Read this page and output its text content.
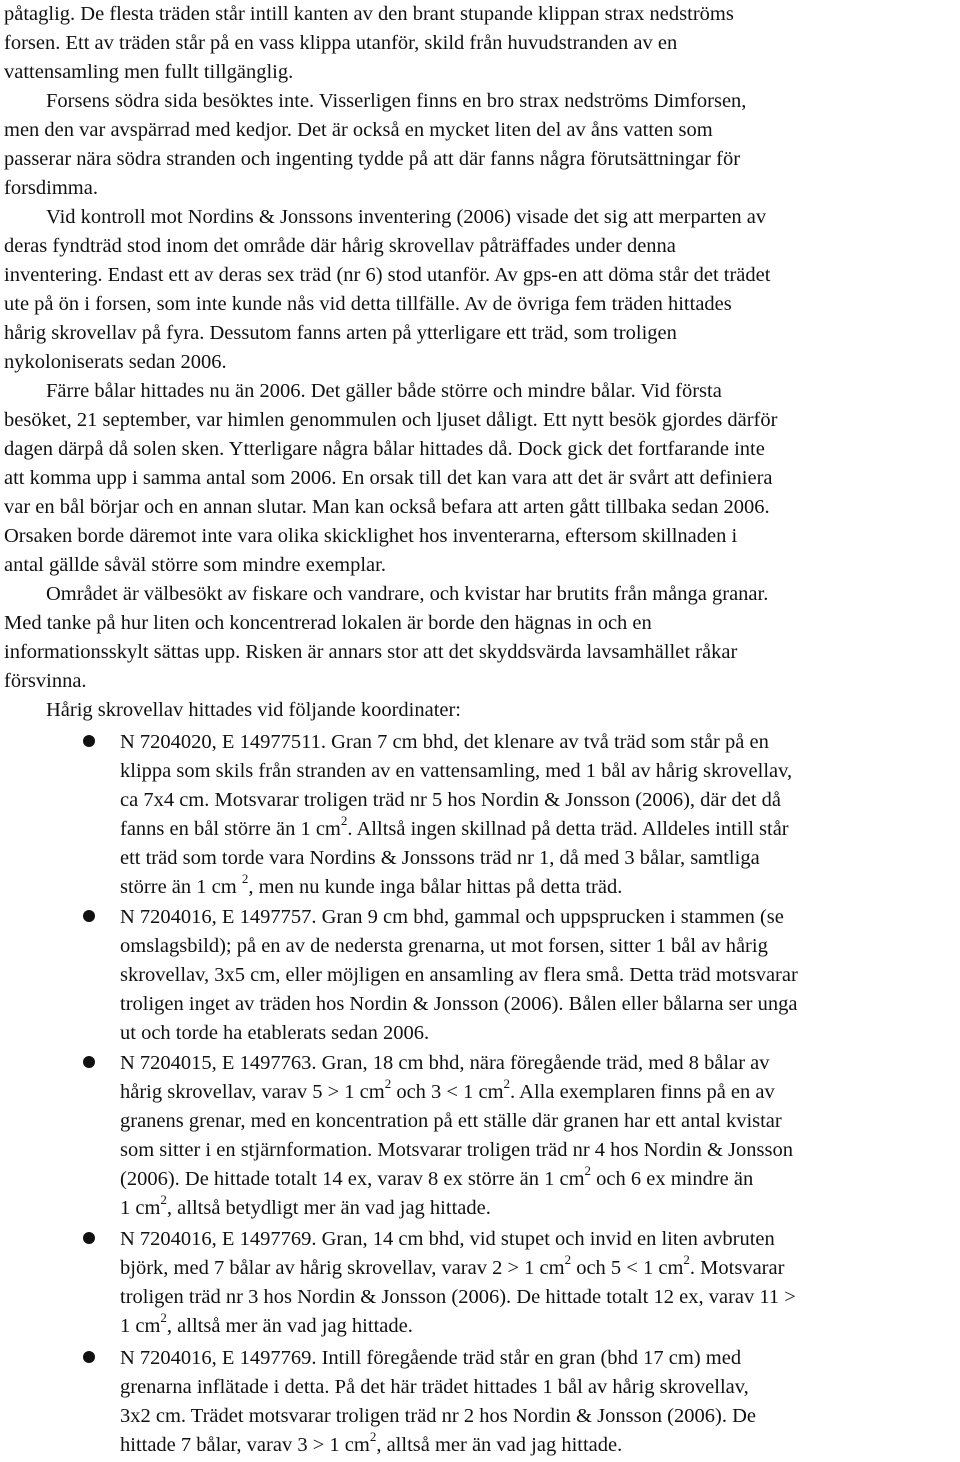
påtaglig. De flesta träden står intill kanten av den brant stupande klippan strax nedströms
forsen. Ett av träden står på en vass klippa utanför, skild från huvudstranden av en
vattensamling men fullt tillgänglig.
Forsens södra sida besöktes inte. Visserligen finns en bro strax nedströms Dimforsen,
men den var avspärrad med kedjor. Det är också en mycket liten del av åns vatten som
passerar nära södra stranden och ingenting tydde på att där fanns några förutsättningar för
forsdimma.
Vid kontroll mot Nordins & Jonssons inventering (2006) visade det sig att merparten av
deras fyndträd stod inom det område där hårig skrovellav påträffades under denna
inventering. Endast ett av deras sex träd (nr 6) stod utanför. Av gps-en att döma står det trädet
ute på ön i forsen, som inte kunde nås vid detta tillfälle. Av de övriga fem träden hittades
hårig skrovellav på fyra. Dessutom fanns arten på ytterligare ett träd, som troligen
nykoloniserats sedan 2006.
Färre bålar hittades nu än 2006. Det gäller både större och mindre bålar. Vid första
besöket, 21 september, var himlen genommulen och ljuset dåligt. Ett nytt besök gjordes därför
dagen därpå då solen sken. Ytterligare några bålar hittades då. Dock gick det fortfarande inte
att komma upp i samma antal som 2006. En orsak till det kan vara att det är svårt att definiera
var en bål börjar och en annan slutar. Man kan också befara att arten gått tillbaka sedan 2006.
Orsaken borde däremot inte vara olika skicklighet hos inventerarna, eftersom skillnaden i
antal gällde såväl större som mindre exemplar.
Området är välbesökt av fiskare och vandrare, och kvistar har brutits från många granar.
Med tanke på hur liten och koncentrerad lokalen är borde den hägnas in och en
informationsskylt sättas upp. Risken är annars stor att det skyddsvärda lavsamhället råkar
försvinna.
Hårig skrovellav hittades vid följande koordinater:
N 7204020, E 14977511. Gran 7 cm bhd, det klenare av två träd som står på en
klippa som skils från stranden av en vattensamling, med 1 bål av hårig skrovellav,
ca 7x4 cm. Motsvarar troligen träd nr 5 hos Nordin & Jonsson (2006), där det då
fanns en bål större än 1 $cm^2$. Alltså ingen skillnad på detta träd. Alldeles intill står
ett träd som torde vara Nordins & Jonssons träd nr 1, då med 3 bålar, samtliga
större än 1 cm $^2$, men nu kunde inga bålar hittas på detta träd.
N 7204016, E 1497757. Gran 9 cm bhd, gammal och uppsprucken i stammen (se
omslagsbild); på en av de nedersta grenarna, ut mot forsen, sitter 1 bål av hårig
skrovellav, 3x5 cm, eller möjligen en ansamling av flera små. Detta träd motsvarar
troligen inget av träden hos Nordin & Jonsson (2006). Bålen eller bålarna ser unga
ut och torde ha etablerats sedan 2006.
N 7204015, E 1497763. Gran, 18 cm bhd, nära föregående träd, med 8 bålar av
hårig skrovellav, varav 5 > 1 $cm^2$ och 3 < 1 $cm^2$. Alla exemplaren finns på en av
granens grenar, med en koncentration på ett ställe där granen har ett antal kvistar
som sitter i en stjärnformation. Motsvarar troligen träd nr 4 hos Nordin & Jonsson
(2006). De hittade totalt 14 ex, varav 8 ex större än 1 $cm^2$ och 6 ex mindre än
1 $cm^2$, alltså betydligt mer än vad jag hittade.
N 7204016, E 1497769. Gran, 14 cm bhd, vid stupet och invid en liten avbruten
björk, med 7 bålar av hårig skrovellav, varav 2 > 1 $cm^2$ och 5 < 1 $cm^2$. Motsvarar
troligen träd nr 3 hos Nordin & Jonsson (2006). De hittade totalt 12 ex, varav 11 >
1 $cm^2$, alltså mer än vad jag hittade.
N 7204016, E 1497769. Intill föregående träd står en gran (bhd 17 cm) med
grenarna inflätade i detta. På det här trädet hittades 1 bål av hårig skrovellav,
3x2 cm. Trädet motsvarar troligen träd nr 2 hos Nordin & Jonsson (2006). De
hittade 7 bålar, varav 3 > 1 $cm^2$, alltså mer än vad jag hittade.
